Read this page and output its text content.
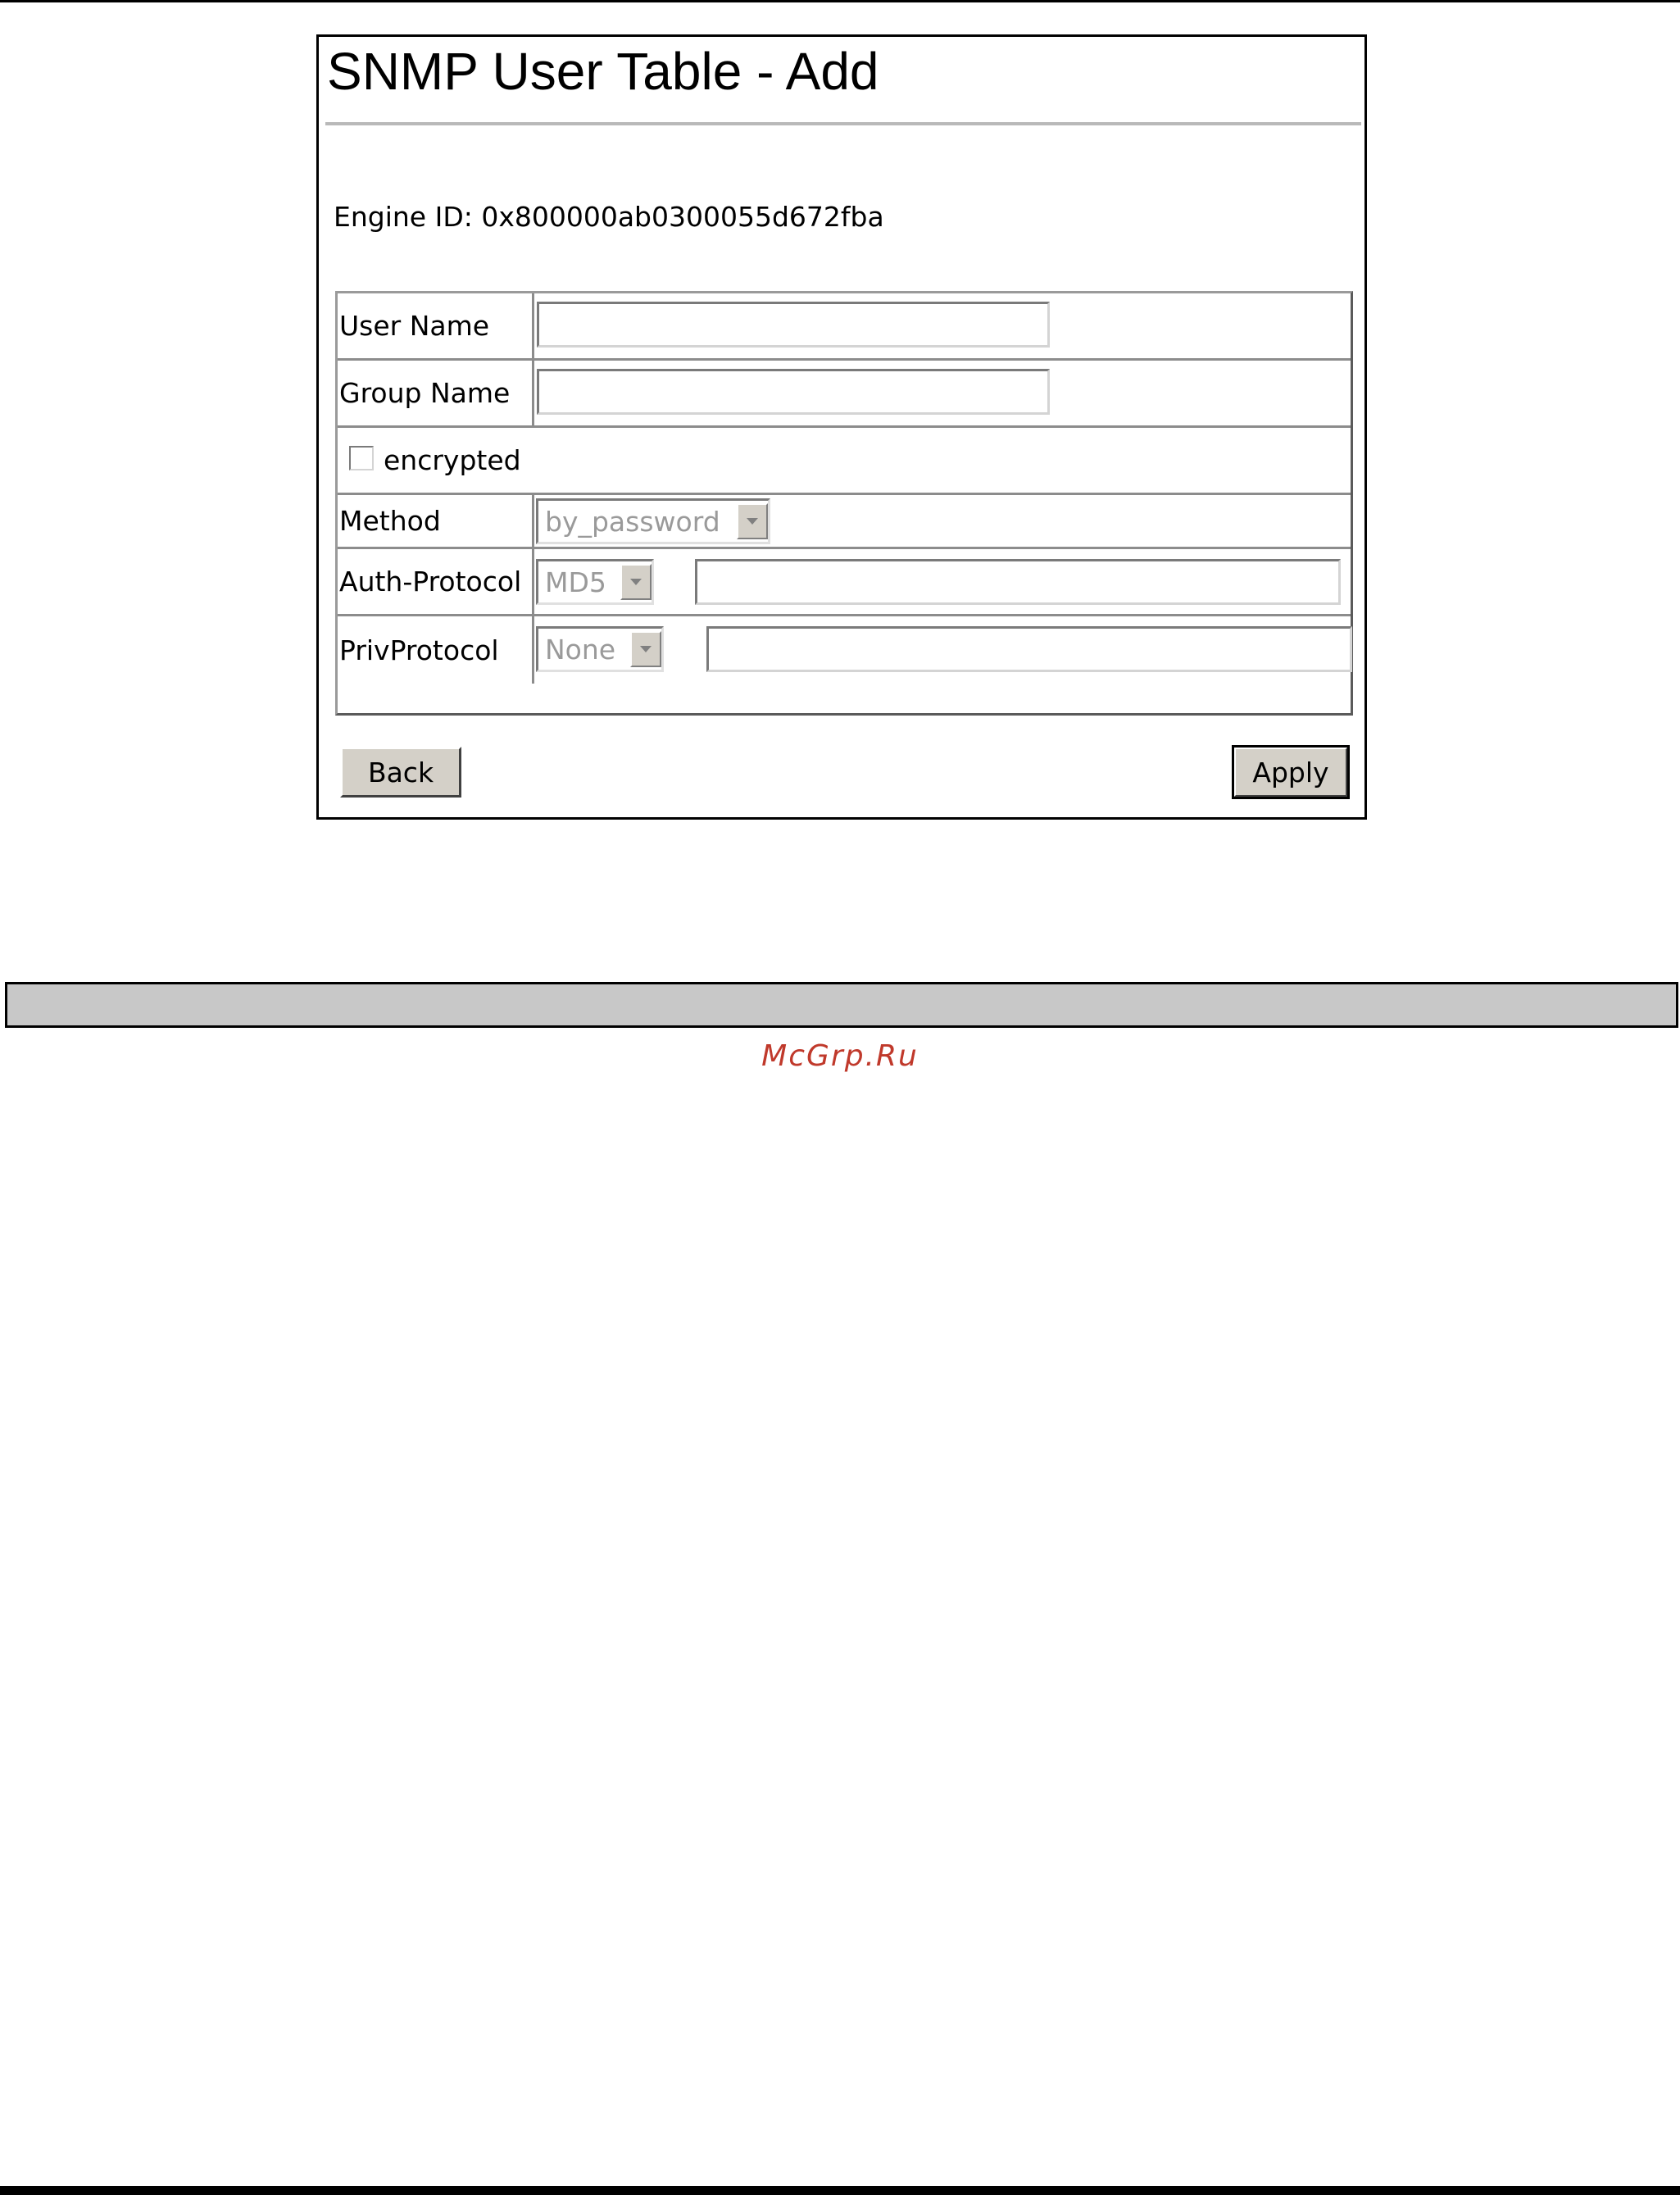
SNMP User Table - Add
Engine ID: 0x800000ab0300055d672fba
User Name
Group Name
encrypted
Method	by_password
Auth-Protocol MD5
PrivProtocol	None
Back	Apply
McGrp.Ru
